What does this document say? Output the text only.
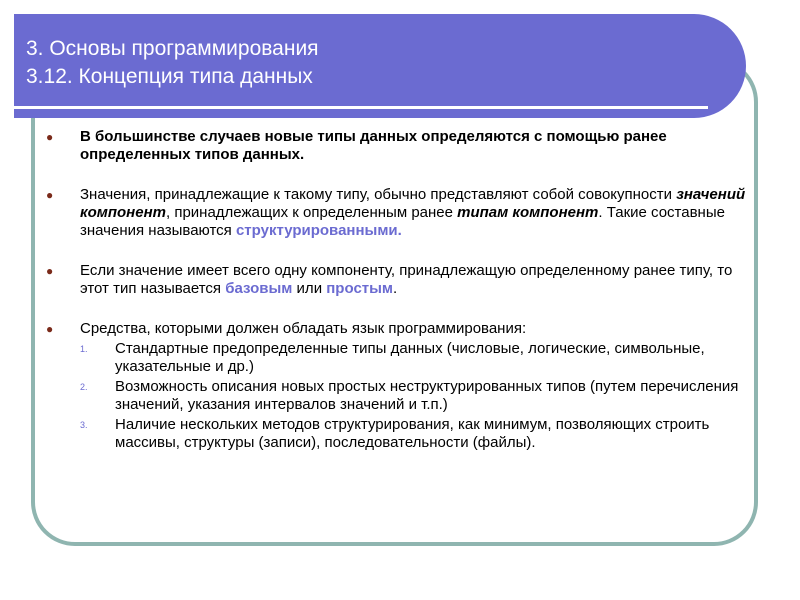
3. Основы программирования
3.12. Концепция типа данных

● В большинстве случаев новые типы данных определяются с помощью ранее определенных типов данных.

● Значения, принадлежащие к такому типу, обычно представляют собой совокупности значений компонент, принадлежащих к определенным ранее типам компонент. Такие составные значения называются структурированными.

● Если значение имеет всего одну компоненту, принадлежащую определенному ранее типу, то этот тип называется базовым или простым.

● Средства, которыми должен обладать язык программирования:

1. Стандартные предопределенные типы данных (числовые, логические, символьные, указательные и др.)

2. Возможность описания новых простых неструктурированных типов (путем перечисления значений, указания интервалов значений и т.п.)

3. Наличие нескольких методов структурирования, как минимум, позволяющих строить массивы, структуры (записи), последовательности (файлы).
